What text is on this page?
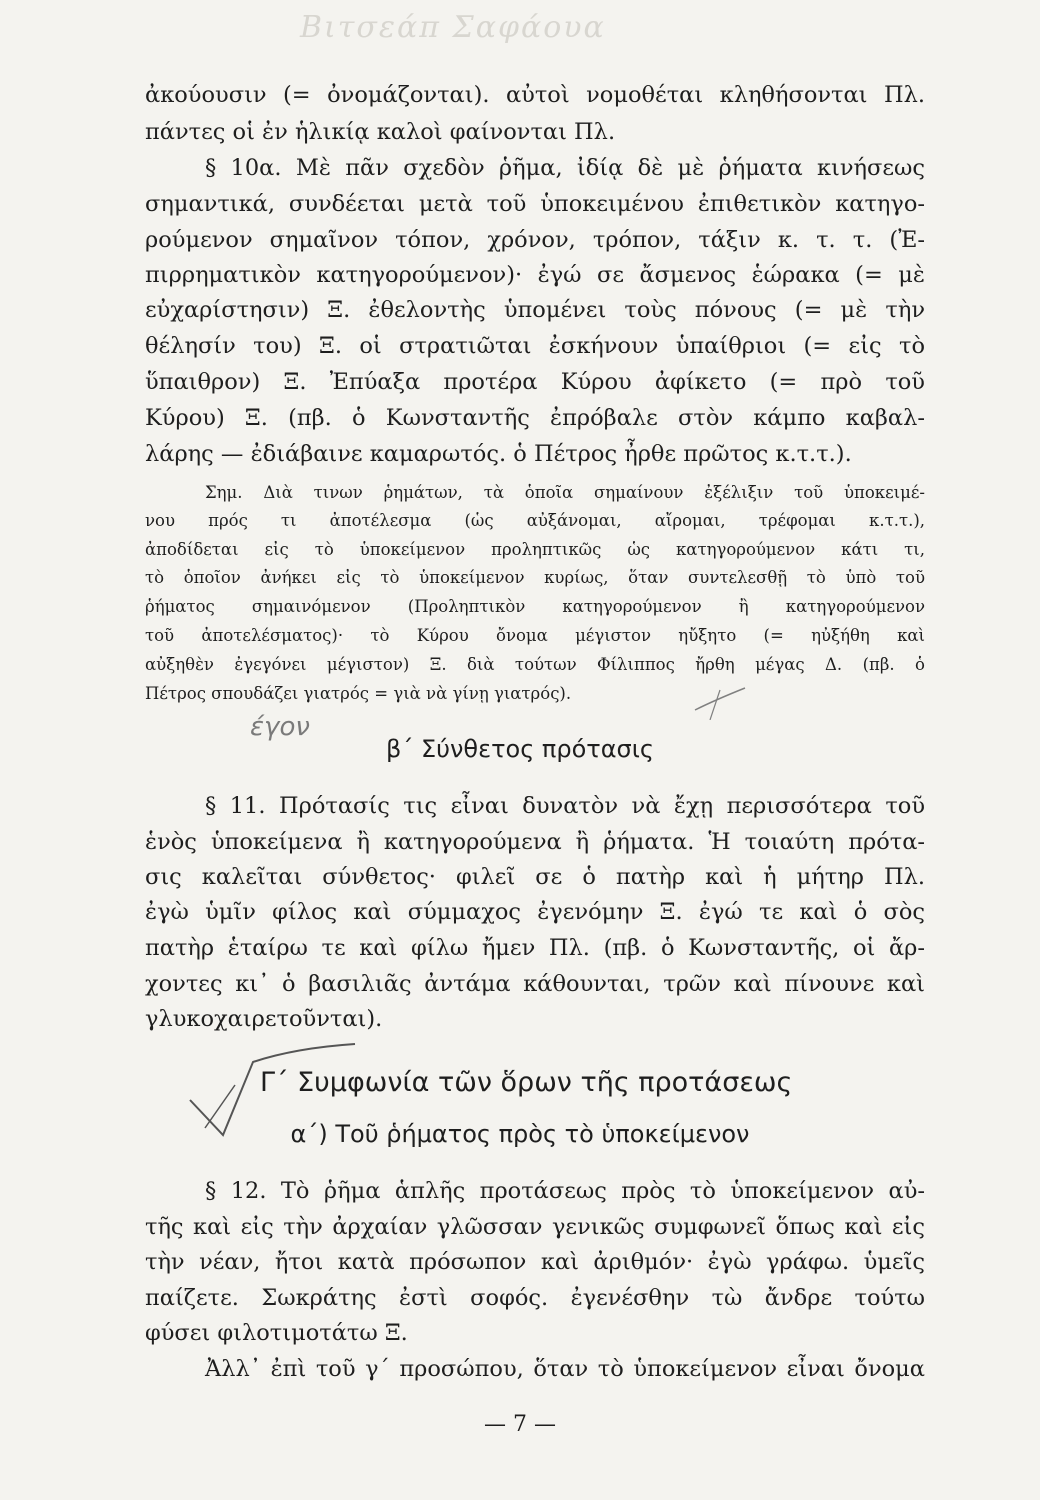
Βιτσεάπ Σαφάουα
ἀκούουσιν (= ὀνομάζονται). αὐτοὶ νομοθέται κληθήσονται Πλ.
πάντες οἱ ἐν ἡλικίᾳ καλοὶ φαίνονται Πλ.
§ 10α. Μὲ πᾶν σχεδὸν ῥῆμα, ἰδίᾳ δὲ μὲ ῥήματα κινήσεως
σημαντικά, συνδέεται μετὰ τοῦ ὑποκειμένου ἐπιθετικὸν κατηγο-
ρούμενον σημαῖνον τόπον, χρόνον, τρόπον, τάξιν κ. τ. τ. (Ἐ-
πιρρηματικὸν κατηγορούμενον)· ἐγώ σε ἄσμενος ἑώρακα (= μὲ
εὐχαρίστησιν) Ξ. ἐθελοντὴς ὑπομένει τοὺς πόνους (= μὲ τὴν
θέλησίν του) Ξ. οἱ στρατιῶται ἐσκήνουν ὑπαίθριοι (= εἰς τὸ
ὕπαιθρον) Ξ. Ἐπύαξα προτέρα Κύρου ἀφίκετο (= πρὸ τοῦ
Κύρου) Ξ. (πβ. ὁ Κωνσταντῆς ἐπρόβαλε στὸν κάμπο καβαλ-
λάρης — ἐδιάβαινε καμαρωτός. ὁ Πέτρος ἦρθε πρῶτος κ.τ.τ.).
Σημ. Διὰ τινων ῥημάτων, τὰ ὁποῖα σημαίνουν ἐξέλιξιν τοῦ ὑποκειμέ-
νου πρός τι ἀποτέλεσμα (ὡς αὐξάνομαι, αἴρομαι, τρέφομαι κ.τ.τ.),
ἀποδίδεται εἰς τὸ ὑποκείμενον προληπτικῶς ὡς κατηγορούμενον κάτι τι,
τὸ ὁποῖον ἀνήκει εἰς τὸ ὑποκείμενον κυρίως, ὅταν συντελεσθῇ τὸ ὑπὸ τοῦ
ῥήματος σημαινόμενον (Προληπτικὸν κατηγορούμενον ἢ κατηγορούμενον
τοῦ ἀποτελέσματος)· τὸ Κύρου ὄνομα μέγιστον ηὔξητο (= ηὐξήθη καὶ
αὐξηθὲν ἐγεγόνει μέγιστον) Ξ. διὰ τούτων Φίλιππος ἤρθη μέγας Δ. (πβ. ὁ
Πέτρος σπουδάζει γιατρός = γιὰ νὰ γίνῃ γιατρός).
έγον
β΄ Σύνθετος πρότασις
§ 11. Πρότασίς τις εἶναι δυνατὸν νὰ ἔχῃ περισσότερα τοῦ
ἑνὸς ὑποκείμενα ἢ κατηγορούμενα ἢ ῥήματα. Ἡ τοιαύτη πρότα-
σις καλεῖται σύνθετος· φιλεῖ σε ὁ πατὴρ καὶ ἡ μήτηρ Πλ.
ἐγὼ ὑμῖν φίλος καὶ σύμμαχος ἐγενόμην Ξ. ἐγώ τε καὶ ὁ σὸς
πατὴρ ἑταίρω τε καὶ φίλω ἤμεν Πλ. (πβ. ὁ Κωνσταντῆς, οἱ ἄρ-
χοντες κι᾿ ὁ βασιλιᾶς ἀντάμα κάθουνται, τρῶν καὶ πίνουνε καὶ
γλυκοχαιρετοῦνται).
Γ΄ Συμφωνία τῶν ὅρων τῆς προτάσεως
α΄) Τοῦ ῥήματος πρὸς τὸ ὑποκείμενον
§ 12. Τὸ ῥῆμα ἁπλῆς προτάσεως πρὸς τὸ ὑποκείμενον αὐ-
τῆς καὶ εἰς τὴν ἀρχαίαν γλῶσσαν γενικῶς συμφωνεῖ ὅπως καὶ εἰς
τὴν νέαν, ἤτοι κατὰ πρόσωπον καὶ ἀριθμόν· ἐγὼ γράφω. ὑμεῖς
παίζετε. Σωκράτης ἐστὶ σοφός. ἐγενέσθην τὼ ἄνδρε τούτω
φύσει φιλοτιμοτάτω Ξ.
Ἀλλ᾿ ἐπὶ τοῦ γ΄ προσώπου, ὅταν τὸ ὑποκείμενον εἶναι ὄνομα
— 7 —
